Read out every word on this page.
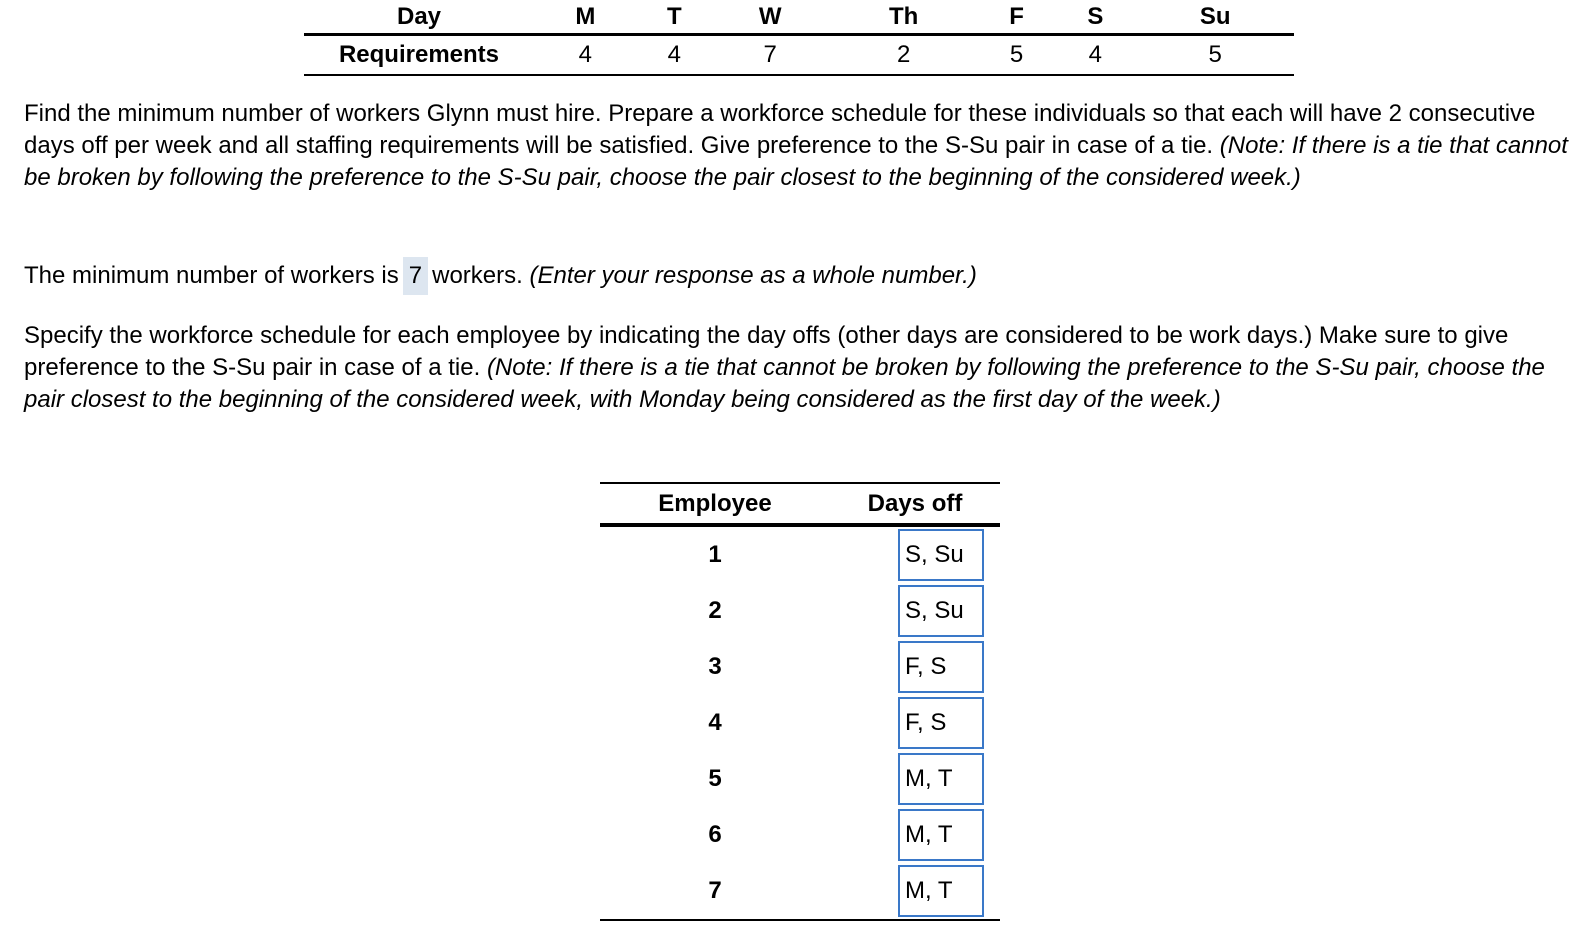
Day	M	T	W	Th	F	S	Su
Requirements	4	4	7	2	5	4	5

Find the minimum number of workers Glynn must hire. Prepare a workforce schedule for these individuals so that each will have 2 consecutive days off per week and all staffing requirements will be satisfied. Give preference to the S-Su pair in case of a tie. (Note: If there is a tie that cannot be broken by following the preference to the S-Su pair, choose the pair closest to the beginning of the considered week.)

The minimum number of workers is 7 workers. (Enter your response as a whole number.)

Specify the workforce schedule for each employee by indicating the day offs (other days are considered to be work days.) Make sure to give preference to the S-Su pair in case of a tie. (Note: If there is a tie that cannot be broken by following the preference to the S-Su pair, choose the pair closest to the beginning of the considered week, with Monday being considered as the first day of the week.)

Employee	Days off
1	S, Su
2	S, Su
3	F, S
4	F, S
5	M, T
6	M, T
7	M, T
